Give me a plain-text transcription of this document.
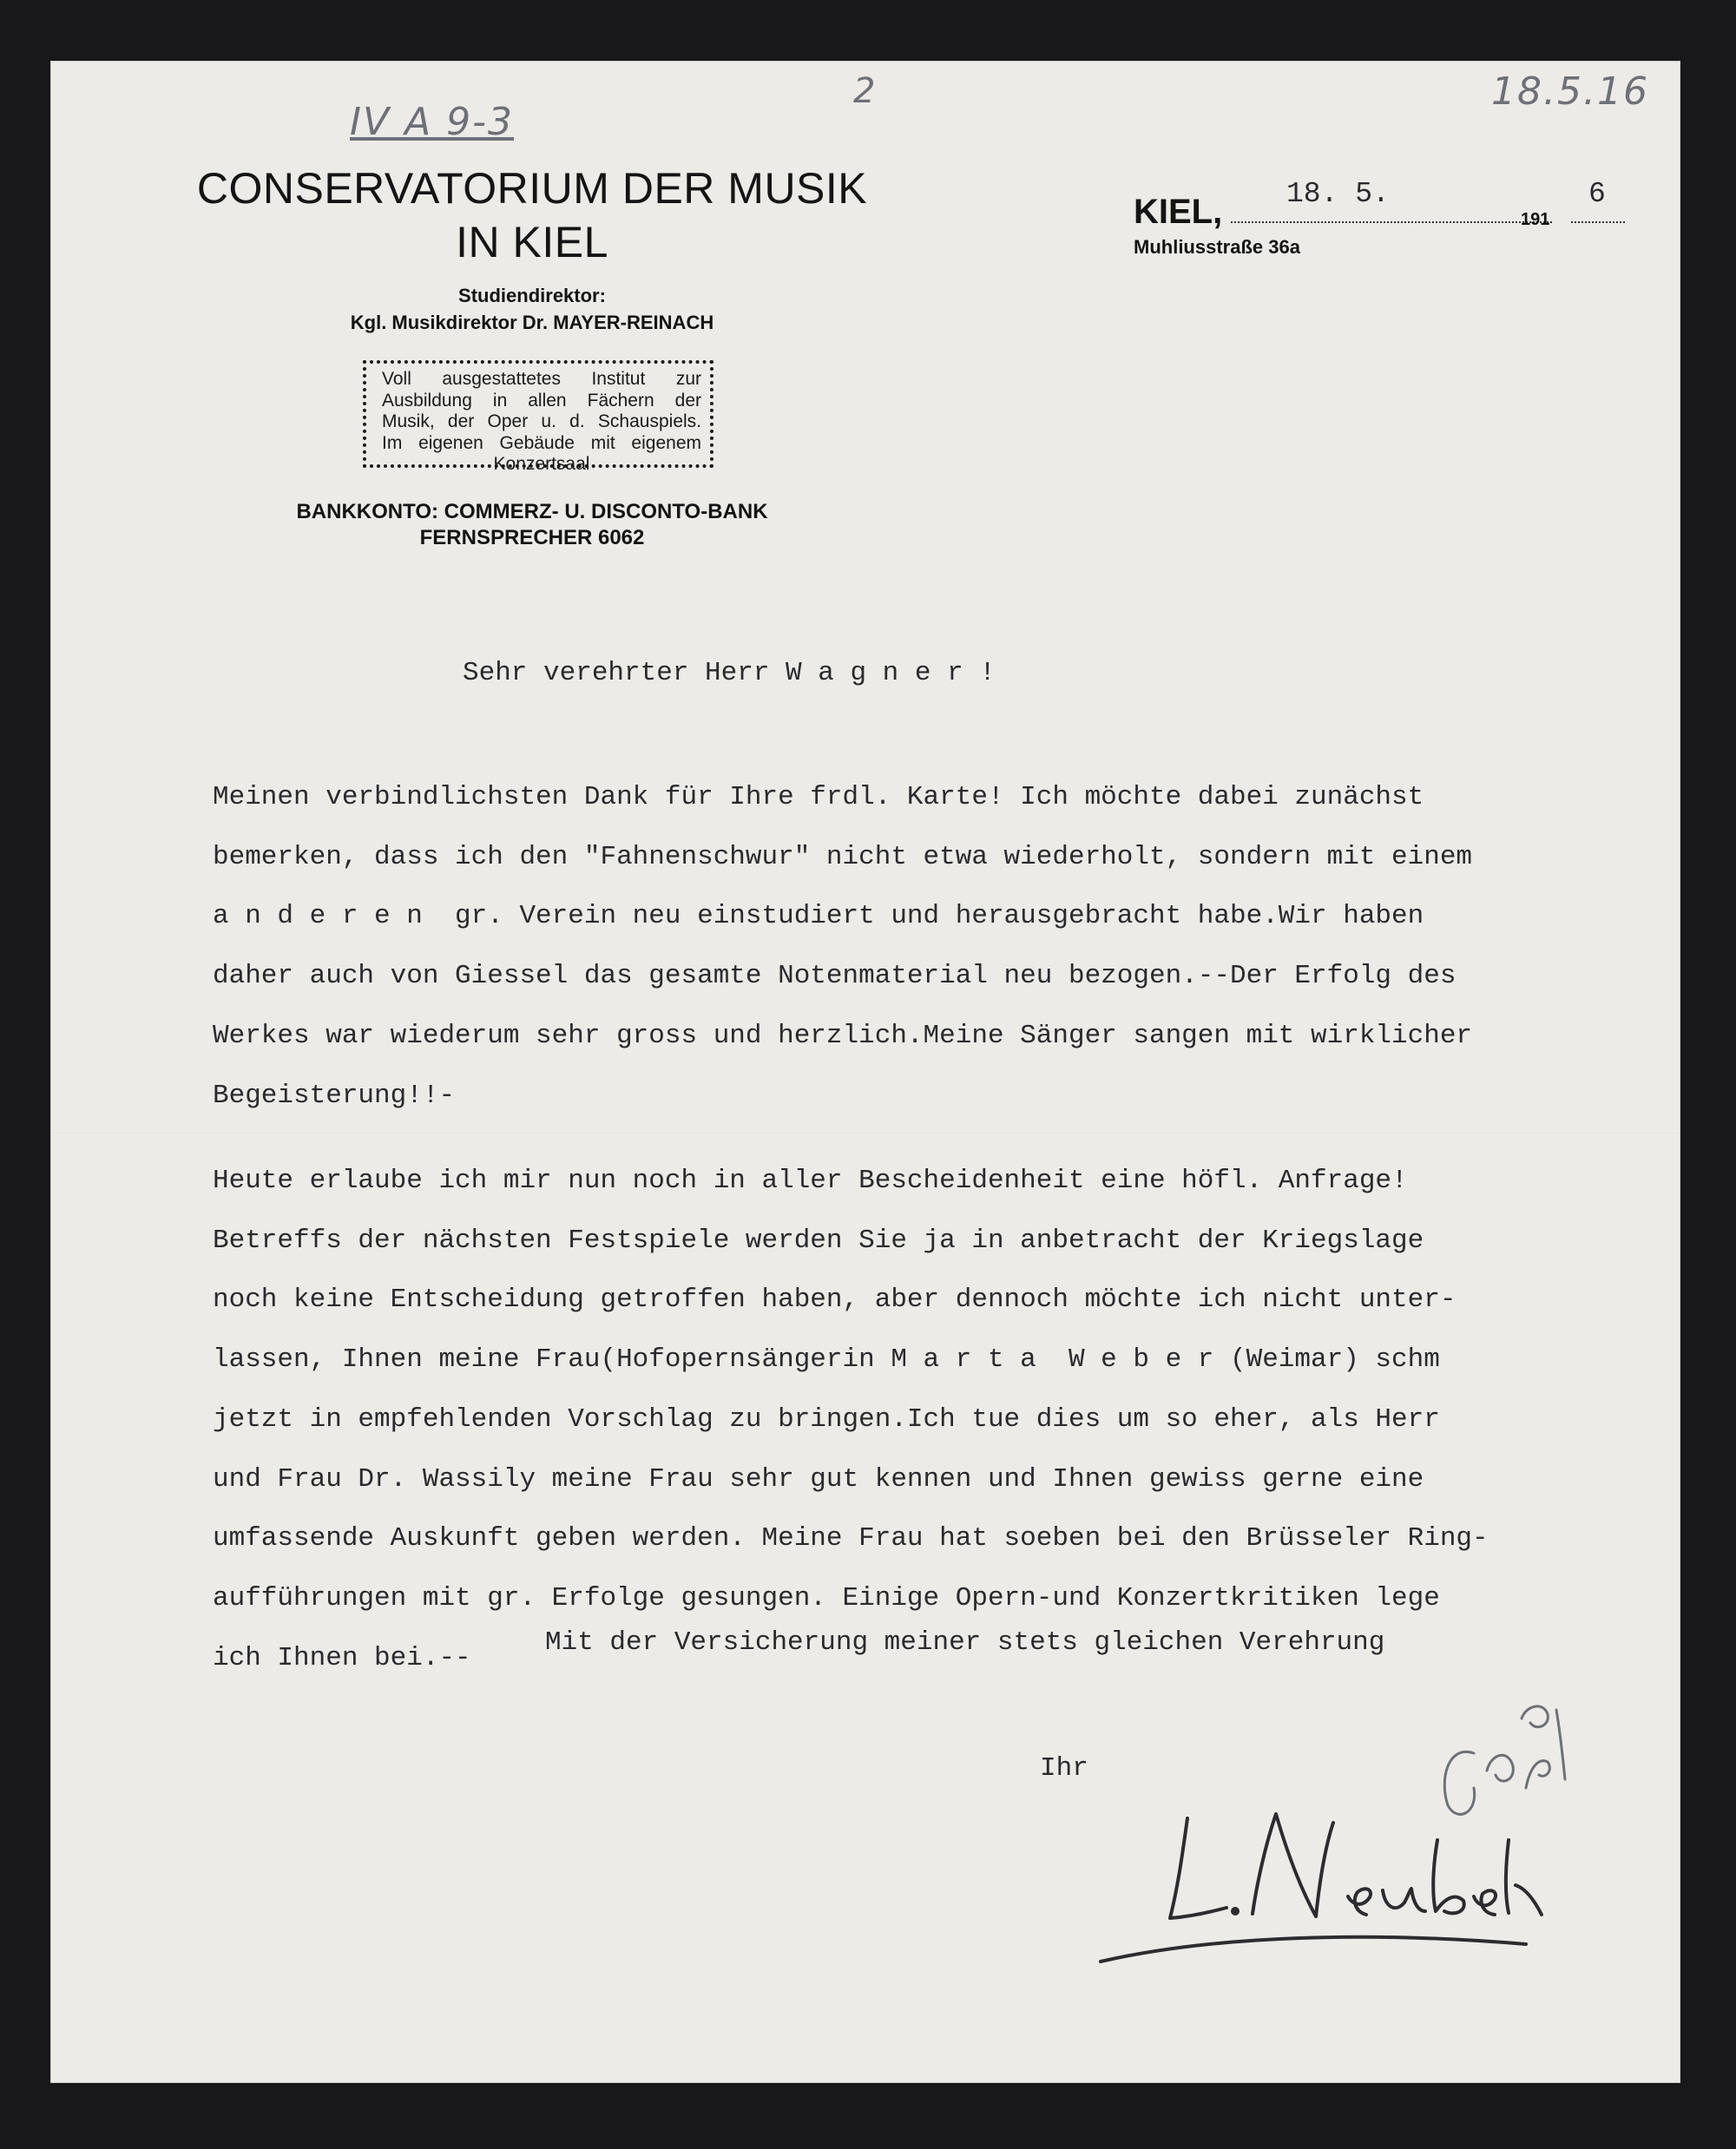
IV A 9-3
2	18.5.16
CONSERVATORIUM DER MUSIK
IN KIEL
Studiendirektor:
Kgl. Musikdirektor Dr. MAYER-REINACH
Voll ausgestattetes Institut zur
Ausbildung in allen Fächern der
Musik, der Oper u. d. Schauspiels.
Im eigenen Gebäude mit eigenem
Konzertsaal
BANKKONTO: COMMERZ- U. DISCONTO-BANK
FERNSPRECHER 6062
KIEL,
Muhliusstraße 36a
191
18. 5.	6
Sehr verehrter Herr W a g n e r !
Meinen verbindlichsten Dank für Ihre frdl. Karte! Ich möchte dabei zunächst
bemerken, dass ich den "Fahnenschwur" nicht etwa wiederholt, sondern mit einem
a n d e r e n  gr. Verein neu einstudiert und herausgebracht habe.Wir haben
daher auch von Giessel das gesamte Notenmaterial neu bezogen.--Der Erfolg des
Werkes war wiederum sehr gross und herzlich.Meine Sänger sangen mit wirklicher
Begeisterung!!-
Heute erlaube ich mir nun noch in aller Bescheidenheit eine höfl. Anfrage!
Betreffs der nächsten Festspiele werden Sie ja in anbetracht der Kriegslage
noch keine Entscheidung getroffen haben, aber dennoch möchte ich nicht unter-
lassen, Ihnen meine Frau(Hofopernsängerin M a r t a  W e b e r (Weimar) schm
jetzt in empfehlenden Vorschlag zu bringen.Ich tue dies um so eher, als Herr
und Frau Dr. Wassily meine Frau sehr gut kennen und Ihnen gewiss gerne eine
umfassende Auskunft geben werden. Meine Frau hat soeben bei den Brüsseler Ring-
aufführungen mit gr. Erfolge gesungen. Einige Opern-und Konzertkritiken lege
ich Ihnen bei.--
Mit der Versicherung meiner stets gleichen Verehrung
Ihr
